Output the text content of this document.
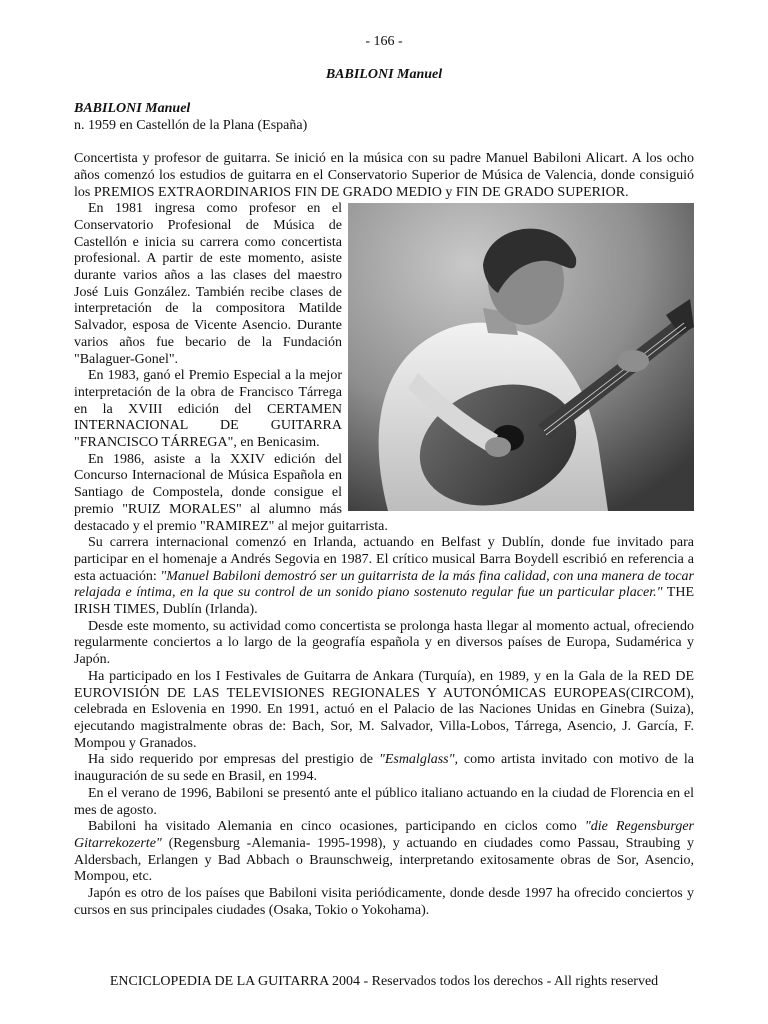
- 166 -
BABILONI Manuel

BABILONI Manuel

n. 1959 en Castellón de la Plana (España)

Concertista y profesor de guitarra. Se inició en la música con su padre Manuel Babiloni Alicart. A los ocho años comenzó los estudios de guitarra en el Conservatorio Superior de Música de Valencia, donde consiguió los PREMIOS EXTRAORDINARIOS FIN DE GRADO MEDIO y FIN DE GRADO SUPERIOR.

En 1981 ingresa como profesor en el Conservatorio Profesional de Música de Castellón e inicia su carrera como concertista profesional. A partir de este momento, asiste durante varios años a las clases del maestro José Luis González. También recibe clases de interpretación de la compositora Matilde Salvador, esposa de Vicente Asencio. Durante varios años fue becario de la Fundación "Balaguer-Gonel".

En 1983, ganó el Premio Especial a la mejor interpretación de la obra de Francisco Tárrega en la XVIII edición del CERTAMEN INTERNACIONAL DE GUITARRA "FRANCISCO TÁRREGA", en Benicasim.

En 1986, asiste a la XXIV edición del Concurso Internacional de Música Española en Santiago de Compostela, donde consigue el premio "RUIZ MORALES" al alumno más destacado y el premio "RAMIREZ" al mejor guitarrista.

Su carrera internacional comenzó en Irlanda, actuando en Belfast y Dublín, donde fue invitado para participar en el homenaje a Andrés Segovia en 1987. El crítico musical Barra Boydell escribió en referencia a esta actuación: "Manuel Babiloni demostró ser un guitarrista de la más fina calidad, con una manera de tocar relajada e íntima, en la que su control de un sonido piano sostenuto regular fue un particular placer." THE IRISH TIMES, Dublín (Irlanda).

Desde este momento, su actividad como concertista se prolonga hasta llegar al momento actual, ofreciendo regularmente conciertos a lo largo de la geografía española y en diversos países de Europa, Sudamérica y Japón.

Ha participado en los I Festivales de Guitarra de Ankara (Turquía), en 1989, y en la Gala de la RED DE EUROVISIÓN DE LAS TELEVISIONES REGIONALES Y AUTONÓMICAS EUROPEAS(CIRCOM), celebrada en Eslovenia en 1990. En 1991, actuó en el Palacio de las Naciones Unidas en Ginebra (Suiza), ejecutando magistralmente obras de: Bach, Sor, M. Salvador, Villa-Lobos, Tárrega, Asencio, J. García, F. Mompou y Granados.

Ha sido requerido por empresas del prestigio de "Esmalglass", como artista invitado con motivo de la inauguración de su sede en Brasil, en 1994.

En el verano de 1996, Babiloni se presentó ante el público italiano actuando en la ciudad de Florencia en el mes de agosto.

Babiloni ha visitado Alemania en cinco ocasiones, participando en ciclos como "die Regensburger Gitarrekozerte" (Regensburg -Alemania- 1995-1998), y actuando en ciudades como Passau, Straubing y Aldersbach, Erlangen y Bad Abbach o Braunschweig, interpretando exitosamente obras de Sor, Asencio, Mompou, etc.

Japón es otro de los países que Babiloni visita periódicamente, donde desde 1997 ha ofrecido conciertos y cursos en sus principales ciudades (Osaka, Tokio o Yokohama).

ENCICLOPEDIA DE LA GUITARRA 2004 - Reservados todos los derechos - All rights reserved
